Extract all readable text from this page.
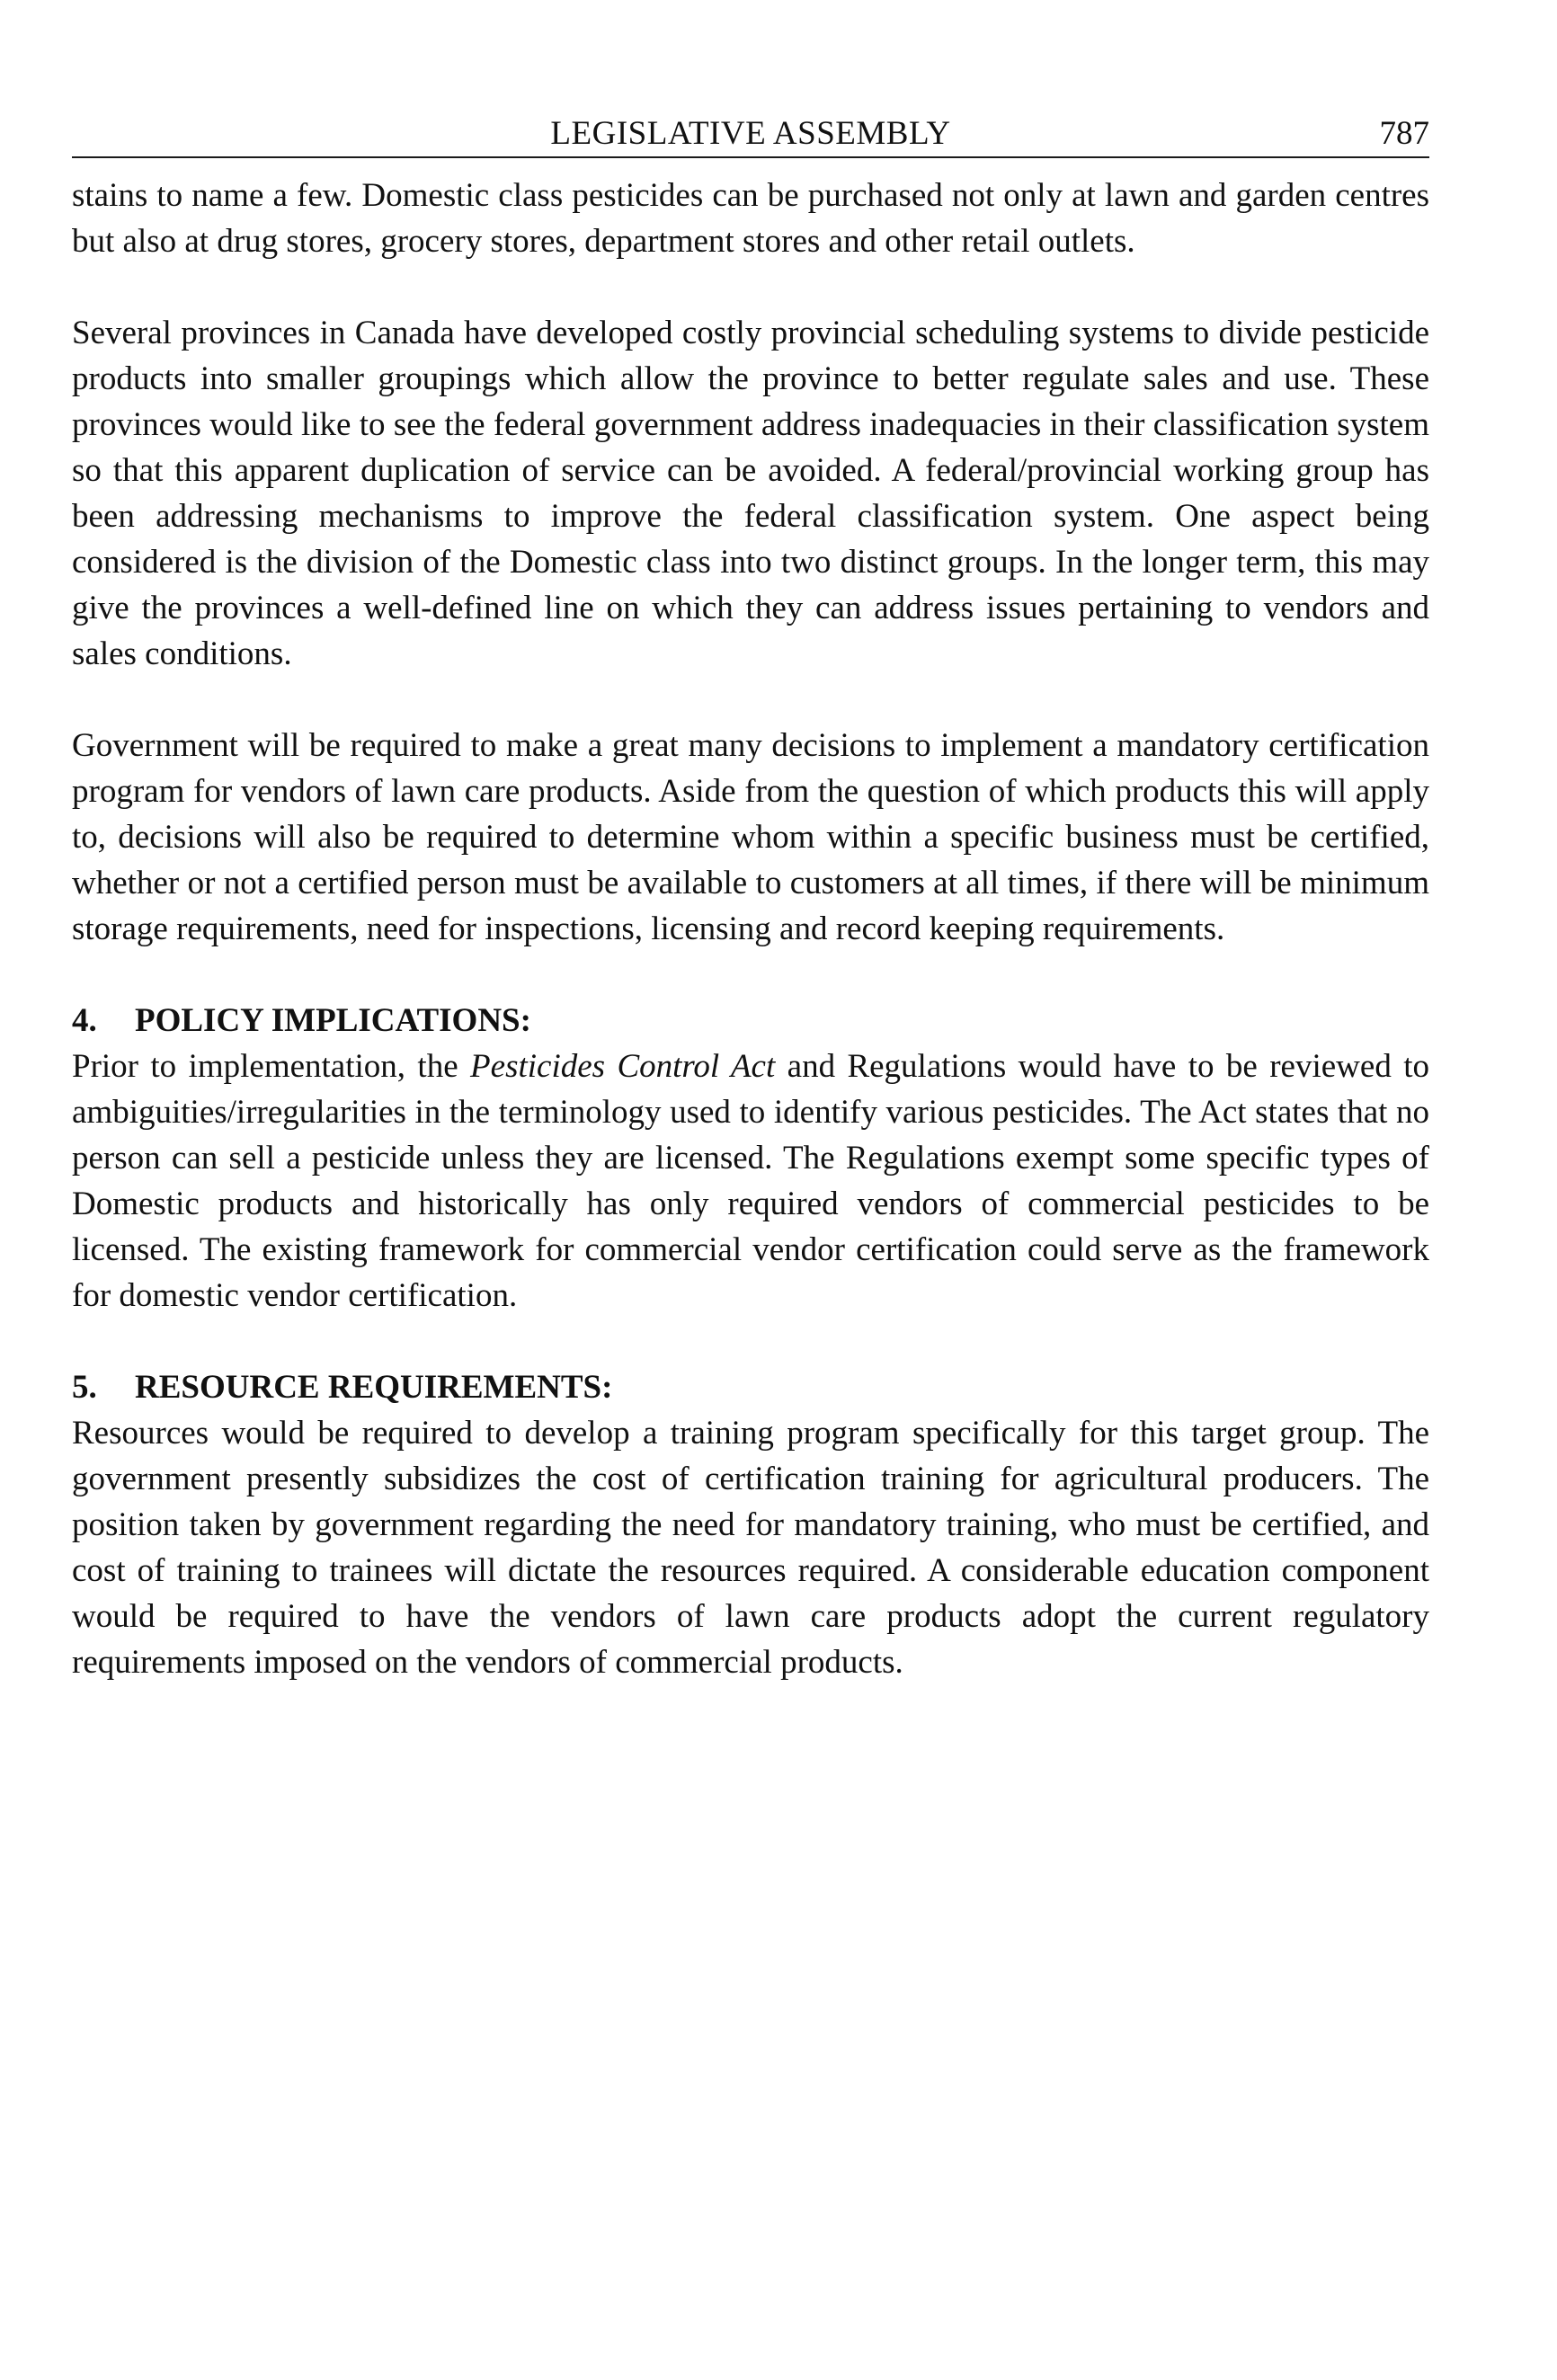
LEGISLATIVE ASSEMBLY	787

stains to name a few. Domestic class pesticides can be purchased not only at lawn and garden centres but also at drug stores, grocery stores, department stores and other retail outlets.

Several provinces in Canada have developed costly provincial scheduling systems to divide pesticide products into smaller groupings which allow the province to better regulate sales and use. These provinces would like to see the federal government address inadequacies in their classification system so that this apparent duplication of service can be avoided. A federal/provincial working group has been addressing mechanisms to improve the federal classification system. One aspect being considered is the division of the Domestic class into two distinct groups. In the longer term, this may give the provinces a well-defined line on which they can address issues pertaining to vendors and sales conditions.

Government will be required to make a great many decisions to implement a mandatory certification program for vendors of lawn care products. Aside from the question of which products this will apply to, decisions will also be required to determine whom within a specific business must be certified, whether or not a certified person must be available to customers at all times, if there will be minimum storage requirements, need for inspections, licensing and record keeping requirements.

4. POLICY IMPLICATIONS:

Prior to implementation, the Pesticides Control Act and Regulations would have to be reviewed to ambiguities/irregularities in the terminology used to identify various pesticides. The Act states that no person can sell a pesticide unless they are licensed. The Regulations exempt some specific types of Domestic products and historically has only required vendors of commercial pesticides to be licensed. The existing framework for commercial vendor certification could serve as the framework for domestic vendor certification.

5. RESOURCE REQUIREMENTS:

Resources would be required to develop a training program specifically for this target group. The government presently subsidizes the cost of certification training for agricultural producers. The position taken by government regarding the need for mandatory training, who must be certified, and cost of training to trainees will dictate the resources required. A considerable education component would be required to have the vendors of lawn care products adopt the current regulatory requirements imposed on the vendors of commercial products.
